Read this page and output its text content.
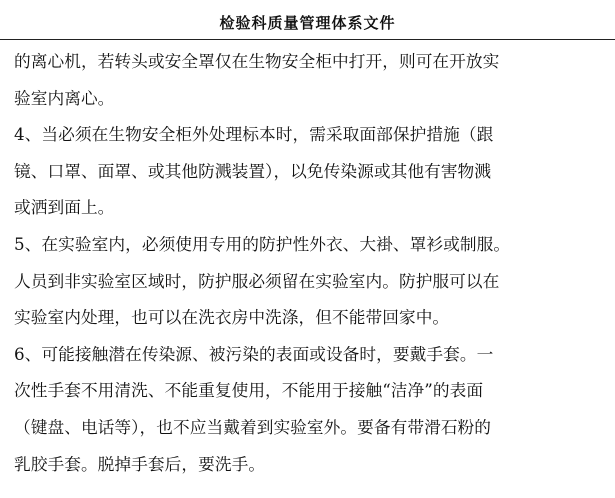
检验科质量管理体系文件
的离心机，若转头或安全罩仅在生物安全柜中打开，则可在开放实
验室内离心。
4、当必须在生物安全柜外处理标本时，需采取面部保护措施（跟
镜、口罩、面罩、或其他防溅装置），以免传染源或其他有害物溅
或洒到面上。
5、在实验室内，必须使用专用的防护性外衣、大褂、罩衫或制服。
人员到非实验室区域时，防护服必须留在实验室内。防护服可以在
实验室内处理，也可以在洗衣房中洗涤，但不能带回家中。
6、可能接触潜在传染源、被污染的表面或设备时，要戴手套。一
次性手套不用清洗、不能重复使用，不能用于接触“洁净”的表面
（键盘、电话等），也不应当戴着到实验室外。要备有带滑石粉的
乳胶手套。脱掉手套后，要洗手。
